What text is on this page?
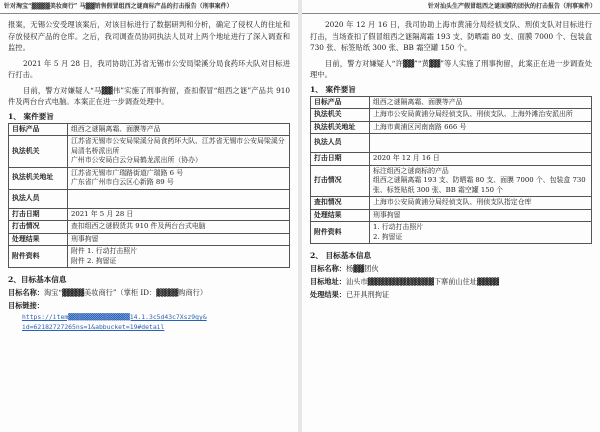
针对淘宝“▓▓▓▓美妆商行” 马▓▓销售假冒组西之谜商标产品的打击报告（刑事案件）

报案，无锡公安受理该案后，对该目标进行了数据研判和分析，确定了侵权人的住址和存放侵权产品的仓库。之后，我司调查员协同执法人员对上两个地址进行了深入调查和监控。

2021 年 5 月 28 日，我司协助江苏省无锡市公安局梁溪分局食药环大队对目标进行打击。

目前，警方对嫌疑人“马▓▓伟”实施了刑事拘留，查扣假冒“组西之谜”产品共 910 件及两台台式电脑。本案正在进一步调查处理中。

1、 案件要旨
目标产品	组西之谜隔离霜、面膜等产品
执法机关	江苏省无锡市公安局梁溪分局食药环大队、江苏省无锡市公安局梁溪分局清名桥派出所
广州市公安局白云分局鹤龙派出所（协办）
执法机关地址	江苏省无锡市广瑞路街道广瑞路 6 号
广东省广州市白云区心新路 89 号
执法人员	
打击日期	2021 年 5 月 28 日
打击情况	查扣组西之谜假货共 910 件及两台台式电脑
处理结果	刑事拘留
附件资料	附件 1. 行动打击照片
附件 2. 拘留证
2、目标基本信息
目标名称：淘宝“▓▓▓▓美妆商行”（掌柜 ID：▓▓▓▓购商行）
目标链接：
https://item▓▓▓▓▓▓▓▓▓▓▓▓▓▓▓▓14.1.3c5d43c7Xsz9gy&
id=62182727265ns=1&abbucket=19#detail
针对汕头生产假冒组西之谜面膜的团伙的打击报告（刑事案件）

2020 年 12 月 16 日，我司协助上海市黄浦分局经侦支队、刑侦支队对目标进行打击，当场查扣了假冒组西之谜隔离霜 193 支、防晒霜 80 支、面膜 7000 个、包装盒 730 张、标签贴纸 300 张、BB 霜空罐 150 个。

目前，警方对嫌疑人“许▓▓”“黄▓▓”等人实施了刑事拘留，此案正在进一步调查处理中。

1、 案件要旨
目标产品	组西之谜隔离霜、面膜等产品
执法机关	上海市公安局黄浦分局经侦支队、刑侦支队、上海外滩治安派出所
执法机关地址	上海市黄浦区河南南路 666 号
执法人员	
打击日期	2020 年 12 月 16 日
打击情况	标注组西之谜商标的产品
组西之谜隔离霜 193 支、防晒霜 80 支、面膜 7000 个、包装盒 730 张、标签贴纸 300 张、BB 霜空罐 150 个
查扣情况	上海市公安局黄浦分局经侦支队、刑侦支队指定仓库
处理结果	刑事拘留
附件资料	1. 行动打击照片
2. 拘留证
2、 目标基本信息
目标名称：杨▓▓团伙
目标地址：汕头市▓▓▓▓▓▓▓▓▓▓▓▓下寨前山住址▓▓▓▓
处理结果：已开具刑拘证
